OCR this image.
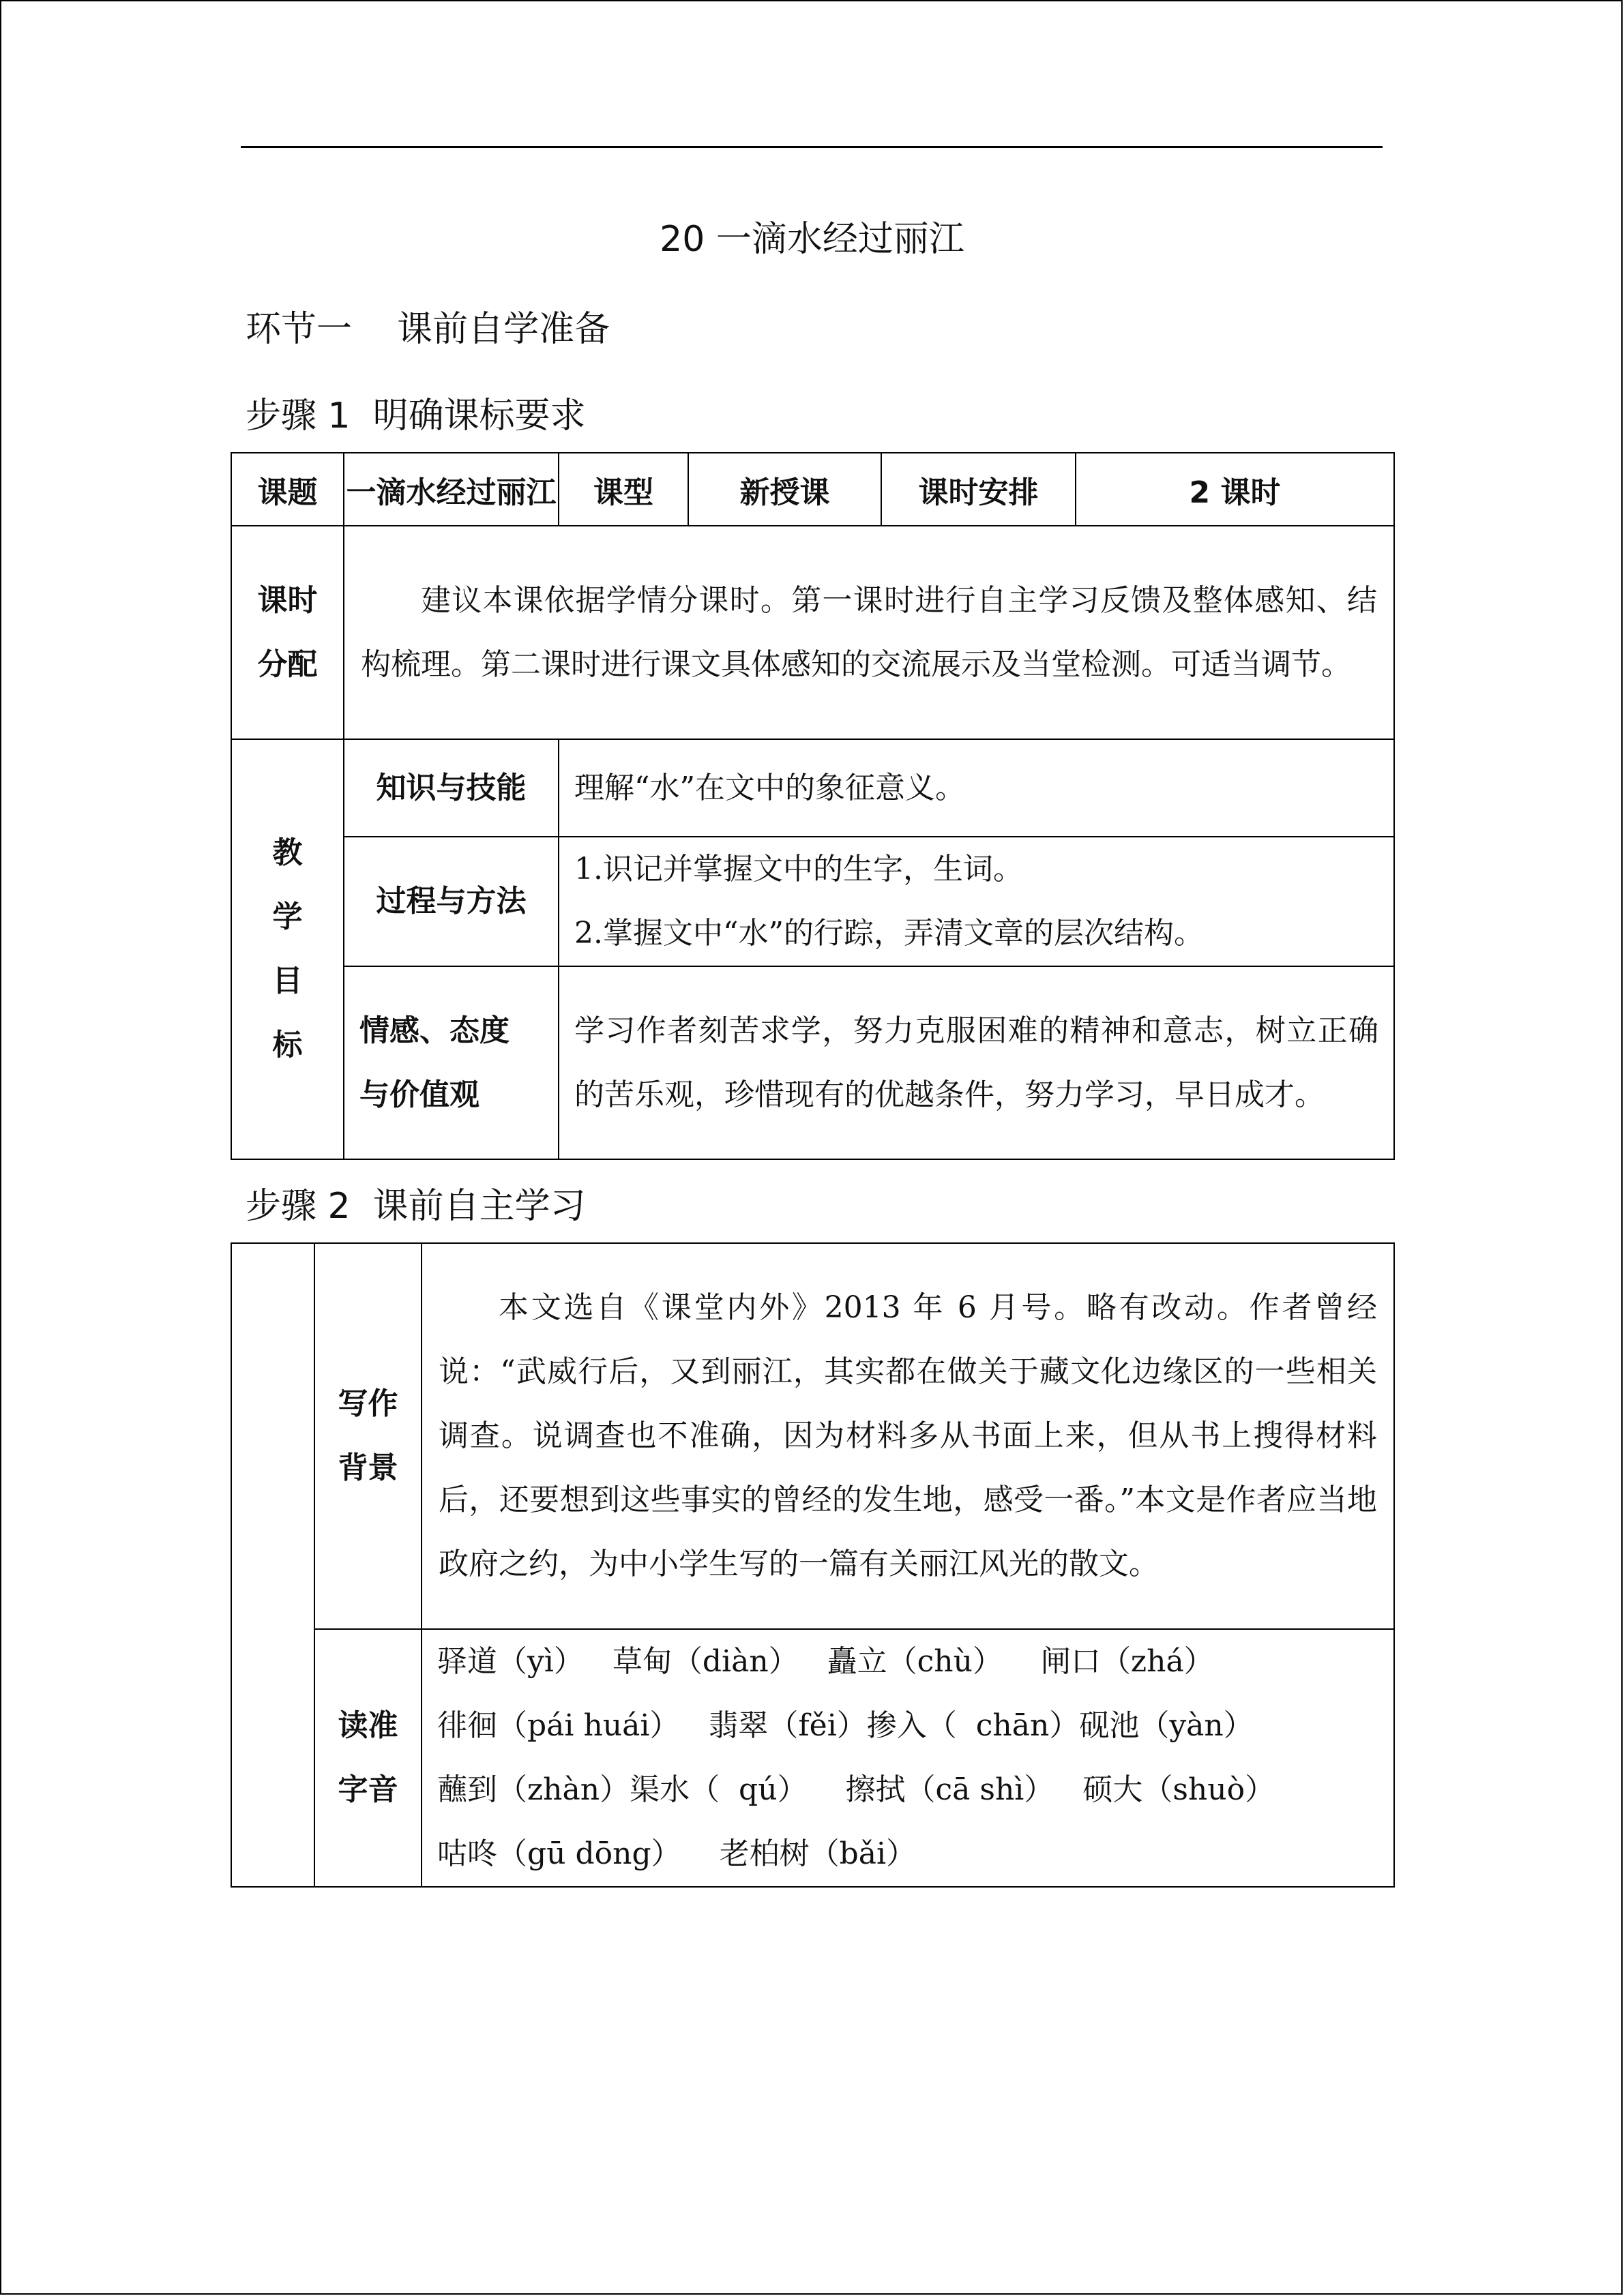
20 一滴水经过丽江
环节一    课前自学准备
步骤 1  明确课标要求
课题	一滴水经过丽江	课型	新授课	课时安排	2 课时

课时
分配	建议本课依据学情分课时。第一课时进行自主学习反馈及整体感知、结构梳理。第二课时进行课文具体感知的交流展示及当堂检测。可适当调节。				

教
学
目
标	知识与技能	理解“水”在文中的象征意义。			
	过程与方法	1.识记并掌握文中的生字，生词。
2.掌握文中“水”的行踪，弄清文章的层次结构。			

	情感、态度
与价值观	学习作者刻苦求学，努力克服困难的精神和意志，树立正确的苦乐观，珍惜现有的优越条件，努力学习，早日成才。			
步骤 2  课前自主学习

	写作
背景	本文选自《课堂内外》2013 年 6 月号。略有改动。作者曾经说：“武威行后，又到丽江，其实都在做关于藏文化边缘区的一些相关调查。说调查也不准确，因为材料多从书面上来，但从书上搜得材料后，还要想到这些事实的曾经的发生地，感受一番。”本文是作者应当地政府之约，为中小学生写的一篇有关丽江风光的散文。

	读准
字音	驿道（yì）   草甸（diàn）   矗立（chù）    闸口（zhá）
徘徊（pái huái）   翡翠（fěi）掺入（  chān）砚池（yàn）
蘸到（zhàn）渠水（  qú）    擦拭（cā shì）   硕大（shuò）
咕咚（gū dōng）    老柏树（bǎi）
